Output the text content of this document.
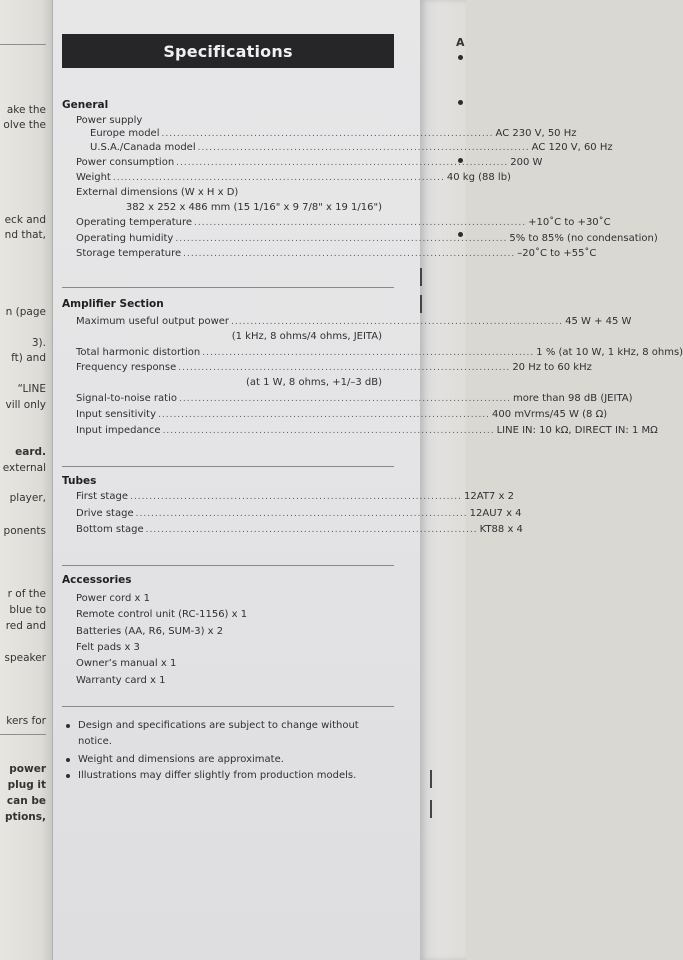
ake the
olve the
eck and
nd that,
n (page
3).
ft) and
“LINE
vill only
eard.
external
player,
ponents
r of the
blue to
red and
speaker
kers for
power
plug it
can be
ptions,
A
Specifications
General
Power supply
Europe model ...................................................................................... AC 230 V, 50 Hz
U.S.A./Canada model ...................................................................................... AC 120 V, 60 Hz
Power consumption ...................................................................................... 200 W
Weight ...................................................................................... 40 kg (88 lb)
External dimensions (W x H x D)
382 x 252 x 486 mm (15 1/16" x 9 7/8" x 19 1/16")
Operating temperature ...................................................................................... +10˚C to +30˚C
Operating humidity ...................................................................................... 5% to 85% (no condensation)
Storage temperature ...................................................................................... –20˚C to +55˚C
Amplifier Section
Maximum useful output power ...................................................................................... 45 W + 45 W
(1 kHz, 8 ohms/4 ohms, JEITA)
Total harmonic distortion ...................................................................................... 1 % (at 10 W, 1 kHz, 8 ohms)
Frequency response ...................................................................................... 20 Hz to 60 kHz
(at 1 W, 8 ohms, +1/–3 dB)
Signal-to-noise ratio ...................................................................................... more than 98 dB (JEITA)
Input sensitivity ...................................................................................... 400 mVrms/45 W (8 Ω)
Input impedance ...................................................................................... LINE IN: 10 kΩ, DIRECT IN: 1 MΩ
Tubes
First stage ...................................................................................... 12AT7 x 2
Drive stage ...................................................................................... 12AU7 x 4
Bottom stage ...................................................................................... KT88 x 4
Accessories
Power cord x 1
Remote control unit (RC-1156) x 1
Batteries (AA, R6, SUM-3) x 2
Felt pads x 3
Owner’s manual x 1
Warranty card x 1
Design and specifications are subject to change without
notice.
Weight and dimensions are approximate.
Illustrations may differ slightly from production models.
